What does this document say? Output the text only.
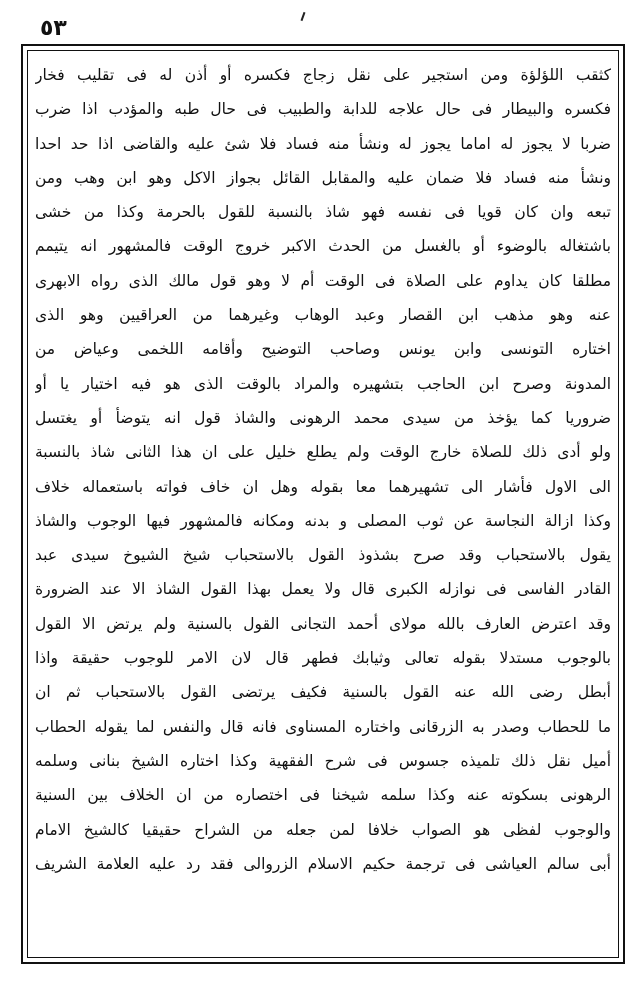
٥٣
كثقب اللؤلؤة ومن استجير على نقل زجاج فكسره أو أذن له فى تقليب فخار
فكسره والبيطار فى حال علاجه للدابة والطبيب فى حال طبه والمؤدب اذا ضرب
ضربا لا يجوز له اماما يجوز له ونشأ منه فساد فلا شئ عليه والقاضى اذا حد احدا
ونشأ منه فساد فلا ضمان عليه والمقابل القائل بجواز الاكل وهو ابن وهب ومن
تبعه وان كان قويا فى نفسه فهو شاذ بالنسبة للقول بالحرمة وكذا من خشى
باشتغاله بالوضوء أو بالغسل من الحدث الاكبر خروج الوقت فالمشهور انه يتيمم
مطلقا كان يداوم على الصلاة فى الوقت أم لا وهو قول مالك الذى رواه الابهرى
عنه وهو مذهب ابن القصار وعبد الوهاب وغيرهما من العراقيين وهو الذى
اختاره التونسى وابن يونس وصاحب التوضيح وأقامه اللخمى وعياض من
المدونة وصرح ابن الحاجب بتشهيره والمراد بالوقت الذى هو فيه اختيار يا أو
ضروريا كما يؤخذ من سيدى محمد الرهونى والشاذ قول انه يتوضأ أو يغتسل
ولو أدى ذلك للصلاة خارج الوقت ولم يطلع خليل على ان هذا الثانى شاذ بالنسبة
الى الاول فأشار الى تشهيرهما معا بقوله وهل ان خاف فواته باستعماله خلاف
وكذا ازالة النجاسة عن ثوب المصلى و بدنه ومكانه فالمشهور فيها الوجوب والشاذ
يقول بالاستحباب وقد صرح بشذوذ القول بالاستحباب شيخ الشيوخ سيدى عبد
القادر الفاسى فى نوازله الكبرى قال ولا يعمل بهذا القول الشاذ الا عند الضرورة
وقد اعترض العارف بالله مولاى أحمد التجانى القول بالسنية ولم يرتض الا القول
بالوجوب مستدلا بقوله تعالى وثيابك فطهر قال لان الامر للوجوب حقيقة واذا
أبطل رضى الله عنه القول بالسنية فكيف يرتضى القول بالاستحباب ثم ان
ما للحطاب وصدر به الزرقانى واختاره المسناوى فانه قال والنفس لما يقوله الحطاب
أميل نقل ذلك تلميذه جسوس فى شرح الفقهية وكذا اختاره الشيخ بنانى وسلمه
الرهونى بسكوته عنه وكذا سلمه شيخنا فى اختصاره من ان الخلاف بين السنية
والوجوب لفظى هو الصواب خلافا لمن جعله من الشراح حقيقيا كالشيخ الامام
أبى سالم العياشى فى ترجمة حكيم الاسلام الزروالى فقد رد عليه العلامة الشريف
